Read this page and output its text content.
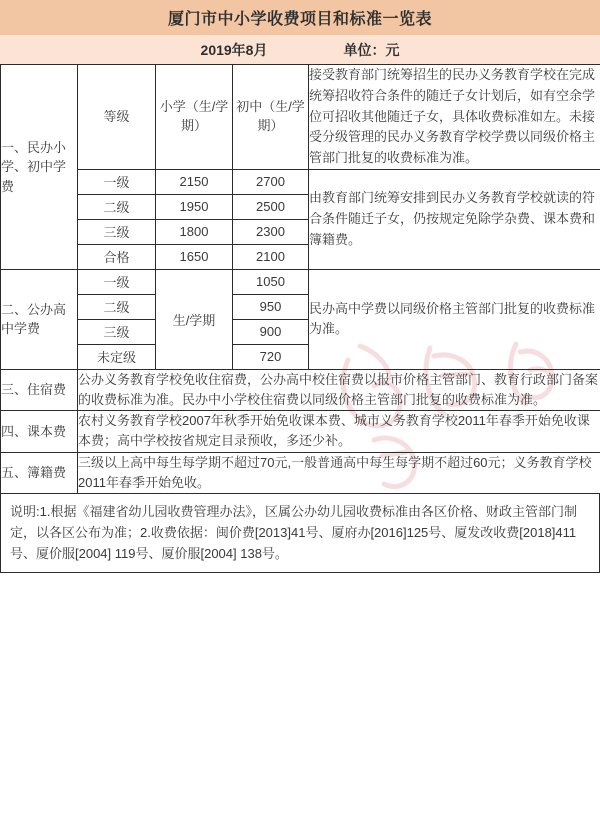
厦门市中小学收费项目和标准一览表
2019年8月	单位：元
一、民办小学、初中学费	等级	小学（生/学期）	初中（生/学期）	接受教育部门统筹招生的民办义务教育学校在完成统筹招收符合条件的随迁子女计划后，如有空余学位可招收其他随迁子女，具体收费标准如左。未接受分级管理的民办义务教育学校学费以同级价格主管部门批复的收费标准为准。
	一级	2150	2700	由教育部门统筹安排到民办义务教育学校就读的符合条件随迁子女，仍按规定免除学杂费、课本费和簿籍费。
	二级	1950	2500	
	三级	1800	2300	
	合格	1650	2100	
二、公办高中学费	一级	生/学期	1050	民办高中学费以同级价格主管部门批复的收费标准为准。
	二级		950	
	三级		900	
	未定级		720	
三、住宿费	公办义务教育学校免收住宿费，公办高中校住宿费以报市价格主管部门、教育行政部门备案的收费标准为准。民办中小学校住宿费以同级价格主管部门批复的收费标准为准。			
四、课本费	农村义务教育学校2007年秋季开始免收课本费、城市义务教育学校2011年春季开始免收课本费；高中学校按省规定目录预收，多还少补。			
五、簿籍费	三级以上高中每生每学期不超过70元,一般普通高中每生每学期不超过60元；义务教育学校2011年春季开始免收。			
说明:1.根据《福建省幼儿园收费管理办法》，区属公办幼儿园收费标准由各区价格、财政主管部门制定，以各区公布为准；2.收费依据：闽价费[2013]41号、厦府办[2016]125号、厦发改收费[2018]411号、厦价服[2004] 119号、厦价服[2004] 138号。
